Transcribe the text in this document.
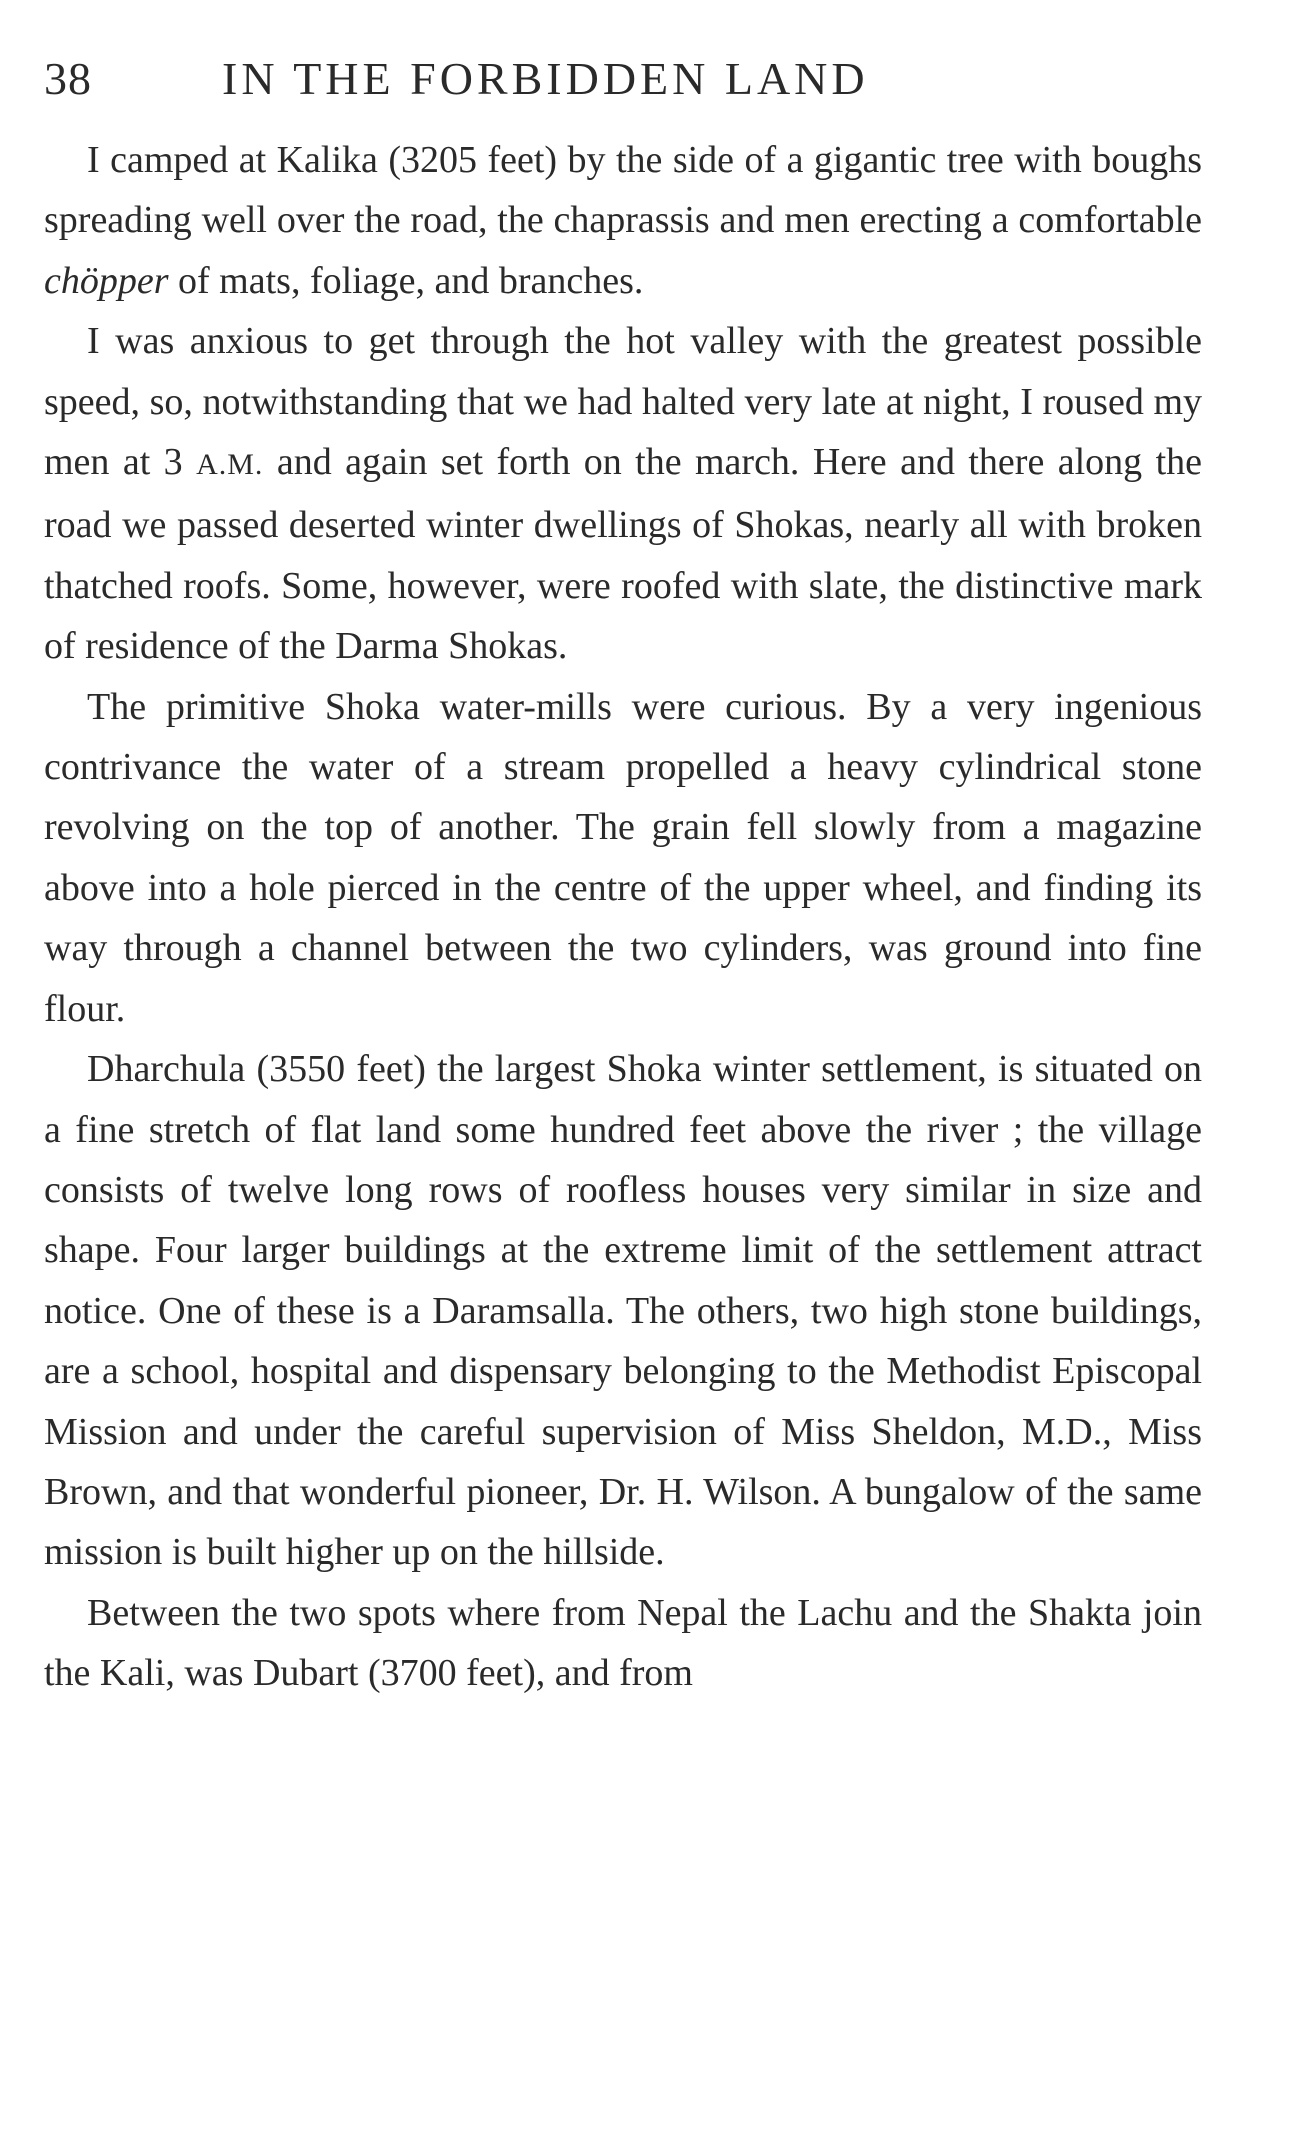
38	IN THE FORBIDDEN LAND

I camped at Kalika (3205 feet) by the side of a gigantic tree with boughs spreading well over the road, the chaprassis and men erecting a comfortable chöpper of mats, foliage, and branches.

I was anxious to get through the hot valley with the greatest possible speed, so, notwithstanding that we had halted very late at night, I roused my men at 3 A.M. and again set forth on the march. Here and there along the road we passed deserted winter dwellings of Shokas, nearly all with broken thatched roofs. Some, however, were roofed with slate, the distinctive mark of residence of the Darma Shokas.

The primitive Shoka water-mills were curious. By a very ingenious contrivance the water of a stream propelled a heavy cylindrical stone revolving on the top of another. The grain fell slowly from a magazine above into a hole pierced in the centre of the upper wheel, and finding its way through a channel between the two cylinders, was ground into fine flour.

Dharchula (3550 feet) the largest Shoka winter settlement, is situated on a fine stretch of flat land some hundred feet above the river ; the village consists of twelve long rows of roofless houses very similar in size and shape. Four larger buildings at the extreme limit of the settlement attract notice. One of these is a Daramsalla. The others, two high stone buildings, are a school, hospital and dispensary belonging to the Methodist Episcopal Mission and under the careful supervision of Miss Sheldon, M.D., Miss Brown, and that wonderful pioneer, Dr. H. Wilson. A bungalow of the same mission is built higher up on the hillside.

Between the two spots where from Nepal the Lachu and the Shakta join the Kali, was Dubart (3700 feet), and from
